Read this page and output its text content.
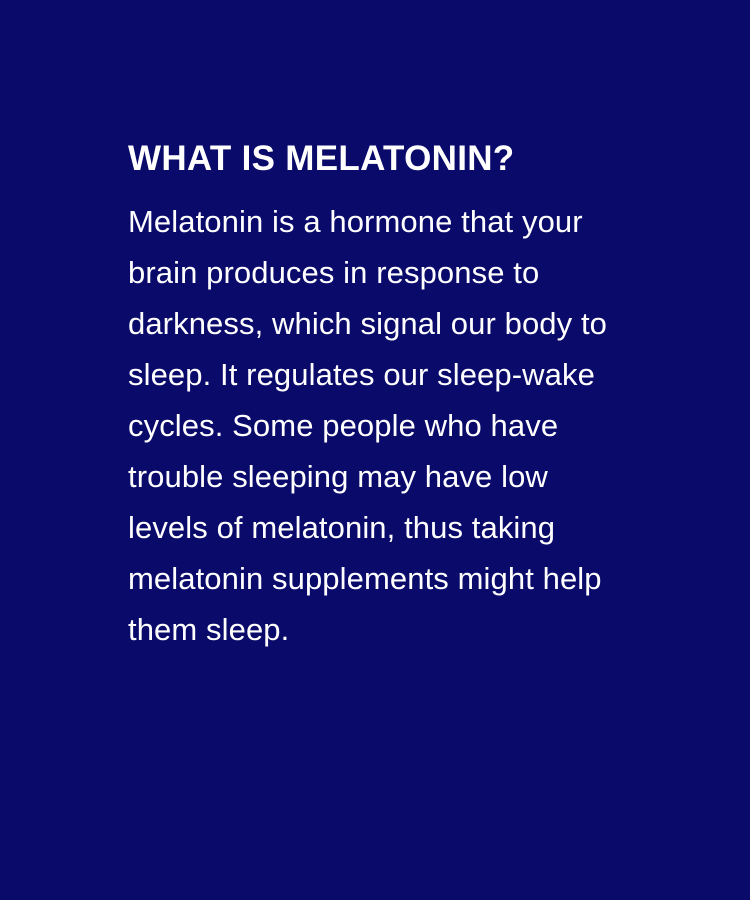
WHAT IS MELATONIN?

Melatonin is a hormone that your brain produces in response to darkness, which signal our body to sleep. It regulates our sleep-wake cycles. Some people who have trouble sleeping may have low levels of melatonin, thus taking melatonin supplements might help them sleep.
